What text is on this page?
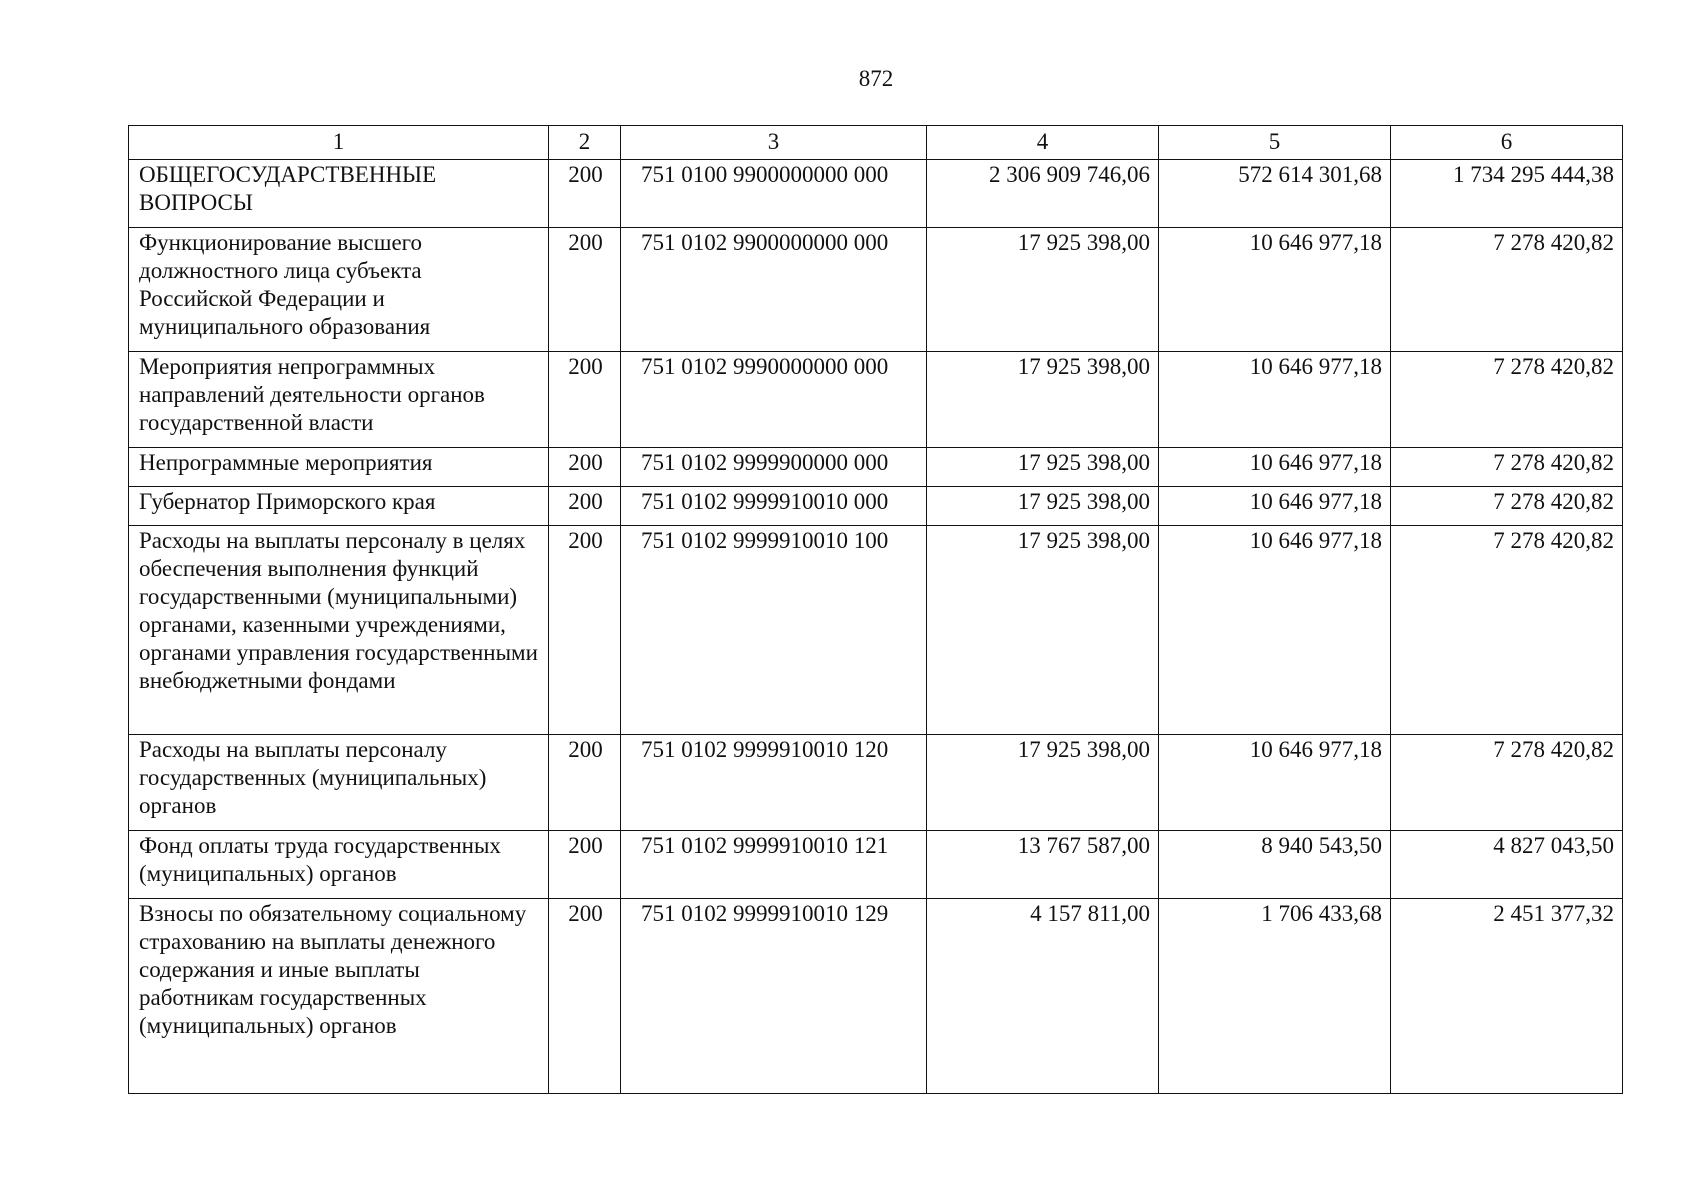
872
1	2	3	4	5	6
ОБЩЕГОСУДАРСТВЕННЫЕ ВОПРОСЫ	200	751 0100 9900000000 000	2 306 909 746,06	572 614 301,68	1 734 295 444,38
Функционирование высшего должностного лица субъекта Российской Федерации и муниципального образования	200	751 0102 9900000000 000	17 925 398,00	10 646 977,18	7 278 420,82
Мероприятия непрограммных направлений деятельности органов государственной власти	200	751 0102 9990000000 000	17 925 398,00	10 646 977,18	7 278 420,82
Непрограммные мероприятия	200	751 0102 9999900000 000	17 925 398,00	10 646 977,18	7 278 420,82
Губернатор Приморского края	200	751 0102 9999910010 000	17 925 398,00	10 646 977,18	7 278 420,82
Расходы на выплаты персоналу в целях обеспечения выполнения функций государственными (муниципальными) органами, казенными учреждениями, органами управления государственными внебюджетными фондами	200	751 0102 9999910010 100	17 925 398,00	10 646 977,18	7 278 420,82
Расходы на выплаты персоналу государственных (муниципальных) органов	200	751 0102 9999910010 120	17 925 398,00	10 646 977,18	7 278 420,82
Фонд оплаты труда государственных (муниципальных) органов	200	751 0102 9999910010 121	13 767 587,00	8 940 543,50	4 827 043,50
Взносы по обязательному социальному страхованию на выплаты денежного содержания и иные выплаты работникам государственных (муниципальных) органов	200	751 0102 9999910010 129	4 157 811,00	1 706 433,68	2 451 377,32
